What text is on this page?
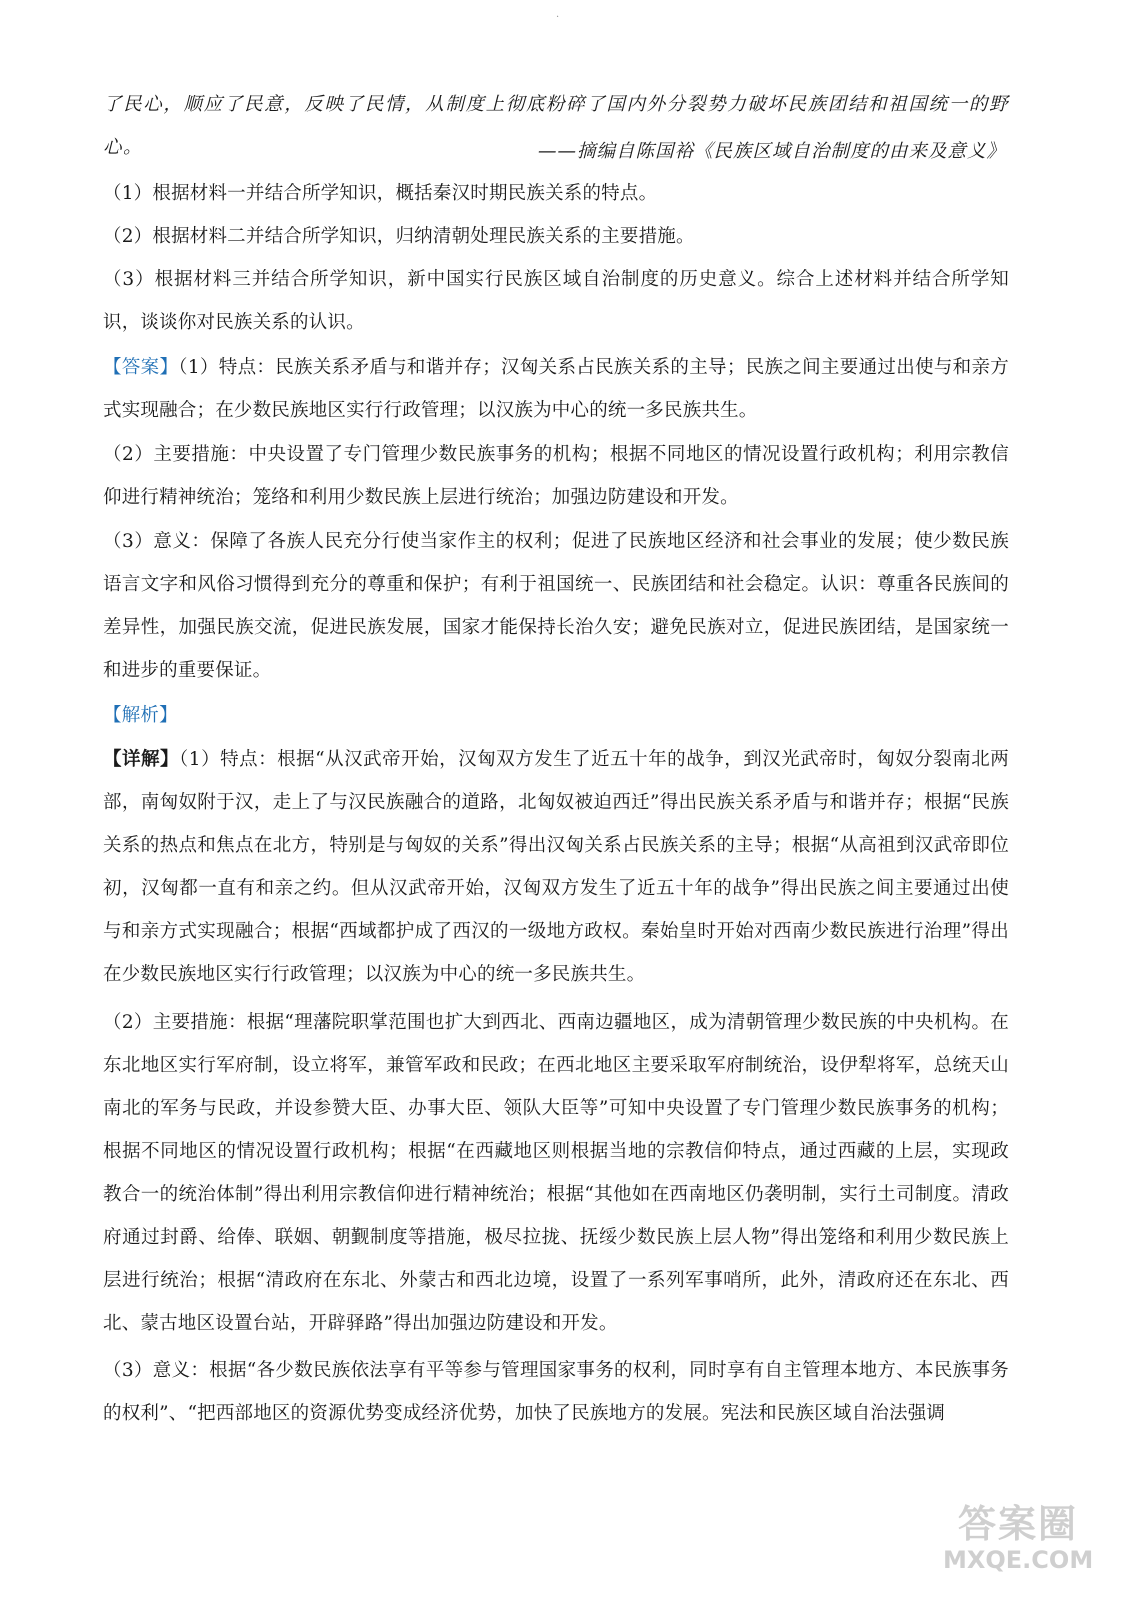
·

了民心，顺应了民意，反映了民情，从制度上彻底粉碎了国内外分裂势力破坏民族团结和祖国统一的野心。	——摘编自陈国裕《民族区域自治制度的由来及意义》

（1）根据材料一并结合所学知识，概括秦汉时期民族关系的特点。

（2）根据材料二并结合所学知识，归纳清朝处理民族关系的主要措施。

（3）根据材料三并结合所学知识，新中国实行民族区域自治制度的历史意义。综合上述材料并结合所学知识，谈谈你对民族关系的认识。

【答案】（1）特点：民族关系矛盾与和谐并存；汉匈关系占民族关系的主导；民族之间主要通过出使与和亲方式实现融合；在少数民族地区实行行政管理；以汉族为中心的统一多民族共生。

（2）主要措施：中央设置了专门管理少数民族事务的机构；根据不同地区的情况设置行政机构；利用宗教信仰进行精神统治；笼络和利用少数民族上层进行统治；加强边防建设和开发。

（3）意义：保障了各族人民充分行使当家作主的权利；促进了民族地区经济和社会事业的发展；使少数民族语言文字和风俗习惯得到充分的尊重和保护；有利于祖国统一、民族团结和社会稳定。认识：尊重各民族间的差异性，加强民族交流，促进民族发展，国家才能保持长治久安；避免民族对立，促进民族团结，是国家统一和进步的重要保证。

【解析】

【详解】（1）特点：根据“从汉武帝开始，汉匈双方发生了近五十年的战争，到汉光武帝时，匈奴分裂南北两部，南匈奴附于汉，走上了与汉民族融合的道路，北匈奴被迫西迁”得出民族关系矛盾与和谐并存；根据“民族关系的热点和焦点在北方，特别是与匈奴的关系”得出汉匈关系占民族关系的主导；根据“从高祖到汉武帝即位初，汉匈都一直有和亲之约。但从汉武帝开始，汉匈双方发生了近五十年的战争”得出民族之间主要通过出使与和亲方式实现融合；根据“西域都护成了西汉的一级地方政权。秦始皇时开始对西南少数民族进行治理”得出在少数民族地区实行行政管理；以汉族为中心的统一多民族共生。

（2）主要措施：根据“理藩院职掌范围也扩大到西北、西南边疆地区，成为清朝管理少数民族的中央机构。在东北地区实行军府制，设立将军，兼管军政和民政；在西北地区主要采取军府制统治，设伊犁将军，总统天山南北的军务与民政，并设参赞大臣、办事大臣、领队大臣等”可知中央设置了专门管理少数民族事务的机构；根据不同地区的情况设置行政机构；根据“在西藏地区则根据当地的宗教信仰特点，通过西藏的上层，实现政教合一的统治体制”得出利用宗教信仰进行精神统治；根据“其他如在西南地区仍袭明制，实行土司制度。清政府通过封爵、给俸、联姻、朝觐制度等措施，极尽拉拢、抚绥少数民族上层人物”得出笼络和利用少数民族上层进行统治；根据“清政府在东北、外蒙古和西北边境，设置了一系列军事哨所，此外，清政府还在东北、西北、蒙古地区设置台站，开辟驿路”得出加强边防建设和开发。

（3）意义：根据“各少数民族依法享有平等参与管理国家事务的权利，同时享有自主管理本地方、本民族事务的权利”、“把西部地区的资源优势变成经济优势，加快了民族地方的发展。宪法和民族区域自治法强调

答案圈
MXQE.COM
